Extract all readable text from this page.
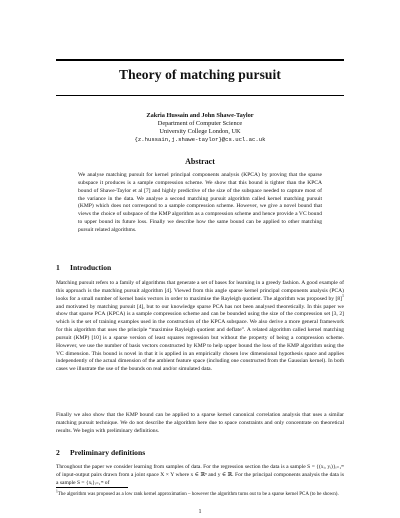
Theory of matching pursuit
Zakria Hussain and John Shawe-Taylor
Department of Computer Science
University College London, UK
{z.hussain,j.shawe-taylor}@cs.ucl.ac.uk
Abstract

We analyse matching pursuit for kernel principal components analysis (KPCA) by proving that the sparse subspace it produces is a sample compression scheme. We show that this bound is tighter than the KPCA bound of Shawe-Taylor et al [7] and highly predictive of the size of the subspace needed to capture most of the variance in the data. We analyse a second matching pursuit algorithm called kernel matching pursuit (KMP) which does not correspond to a sample compression scheme. However, we give a novel bound that views the choice of subspace of the KMP algorithm as a compression scheme and hence provide a VC bound to upper bound its future loss. Finally we describe how the same bound can be applied to other matching pursuit related algorithms.

1 Introduction

Matching pursuit refers to a family of algorithms that generate a set of bases for learning in a greedy fashion. A good example of this approach is the matching pursuit algorithm [4]. Viewed from this angle sparse kernel principal components analysis (PCA) looks for a small number of kernel basis vectors in order to maximise the Rayleigh quotient. The algorithm was proposed by $[8]^1$ and motivated by matching pursuit [4], but to our knowledge sparse PCA has not been analysed theoretically. In this paper we show that sparse PCA (KPCA) is a sample compression scheme and can be bounded using the size of the compression set [3, 2] which is the set of training examples used in the construction of the KPCA subspace. We also derive a more general framework for this algorithm that uses the principle “maximise Rayleigh quotient and deflate”. A related algorithm called kernel matching pursuit (KMP) [10] is a sparse version of least squares regression but without the property of being a compression scheme. However, we use the number of basis vectors constructed by KMP to help upper bound the loss of the KMP algorithm using the VC dimension. This bound is novel in that it is applied in an empirically chosen low dimensional hypothesis space and applies independently of the actual dimension of the ambient feature space (including one constructed from the Gaussian kernel). In both cases we illustrate the use of the bounds on real and/or simulated data.

Finally we also show that the KMP bound can be applied to a sparse kernel canonical correlation analysis that uses a similar matching pursuit technique. We do not describe the algorithm here due to space constraints and only concentrate on theoretical results. We begin with preliminary definitions.

2 Preliminary definitions

Throughout the paper we consider learning from samples of data. For the regression section the data is a sample S = {(xᵢ, yᵢ)}ᵢ₌₁ᵐ of input-output pairs drawn from a joint space X × Y where x ∈ ℝⁿ and y ∈ ℝ. For the principal components analysis the data is a sample S = {xᵢ}ᵢ₌₁ᵐ of

$^1$The algorithm was proposed as a low rank kernel approximation – however the algorithm turns out to be a sparse kernel PCA (to be shown).

1
